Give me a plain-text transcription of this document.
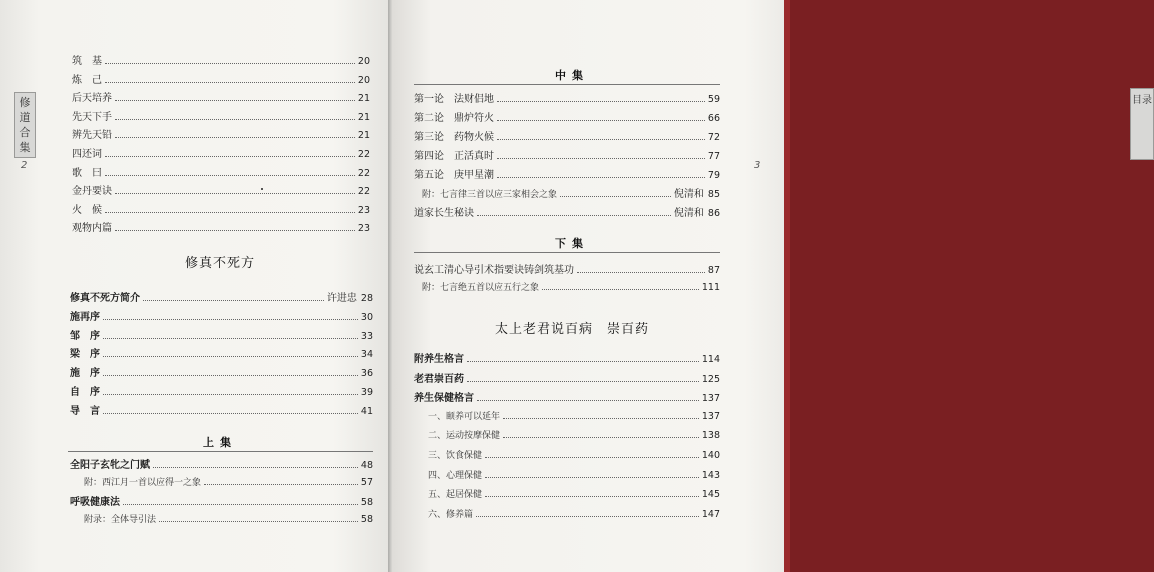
修道合集
2
筑　基	20
炼　己	20
后天培养	21
先天下手	21
辨先天铅	21
四还词	22
歌　曰	22
金丹要诀	22
火　候	23
观物内篇	23
修真不死方
修真不死方简介	许进忠 28
施再序	30
邹　序	33
梁　序	34
施　序	36
自　序	39
导　言	41
上集
全阳子玄牝之门赋	48
附：西江月一首以应得一之象	57
呼吸健康法	58
附录：全体导引法	58
目录
3
中集
第一论　法财侣地	59
第二论　鼎炉符火	66
第三论　药物火候	72
第四论　正活真时	77
第五论　庚甲星潮	79
附：七言律三首以应三家相会之象	倪清和 85
道家长生秘诀	倪清和 86
下集
说玄工清心导引术指要诀铸剑筑基功	87
附：七言绝五首以应五行之象	111
太上老君说百病　崇百药
附养生格言	114
老君崇百药	125
养生保健格言	137
一、颐养可以延年	137
二、运动按摩保健	138
三、饮食保健	140
四、心理保健	143
五、起居保健	145
六、修养篇	147
